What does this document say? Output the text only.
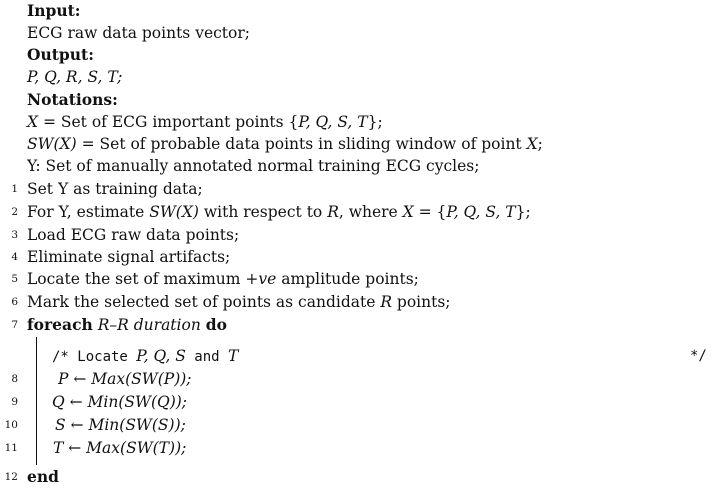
Input:
ECG raw data points vector;
Output:
P, Q, R, S, T;
Notations:
X = Set of ECG important points {P, Q, S, T};
SW(X) = Set of probable data points in sliding window of point X;
Y: Set of manually annotated normal training ECG cycles;
1 Set Y as training data;
2 For Y, estimate SW(X) with respect to R, where X = {P, Q, S, T};
3 Load ECG raw data points;
4 Eliminate signal artifacts;
5 Locate the set of maximum +ve amplitude points;
6 Mark the selected set of points as candidate R points;
7 foreach R–R duration do
/* Locate P, Q, S and T	*/
8	P ← Max(SW(P));
9 Q ← Min(SW(Q));
10 S ← Min(SW(S));
11 T ← Max(SW(T));
12 end
